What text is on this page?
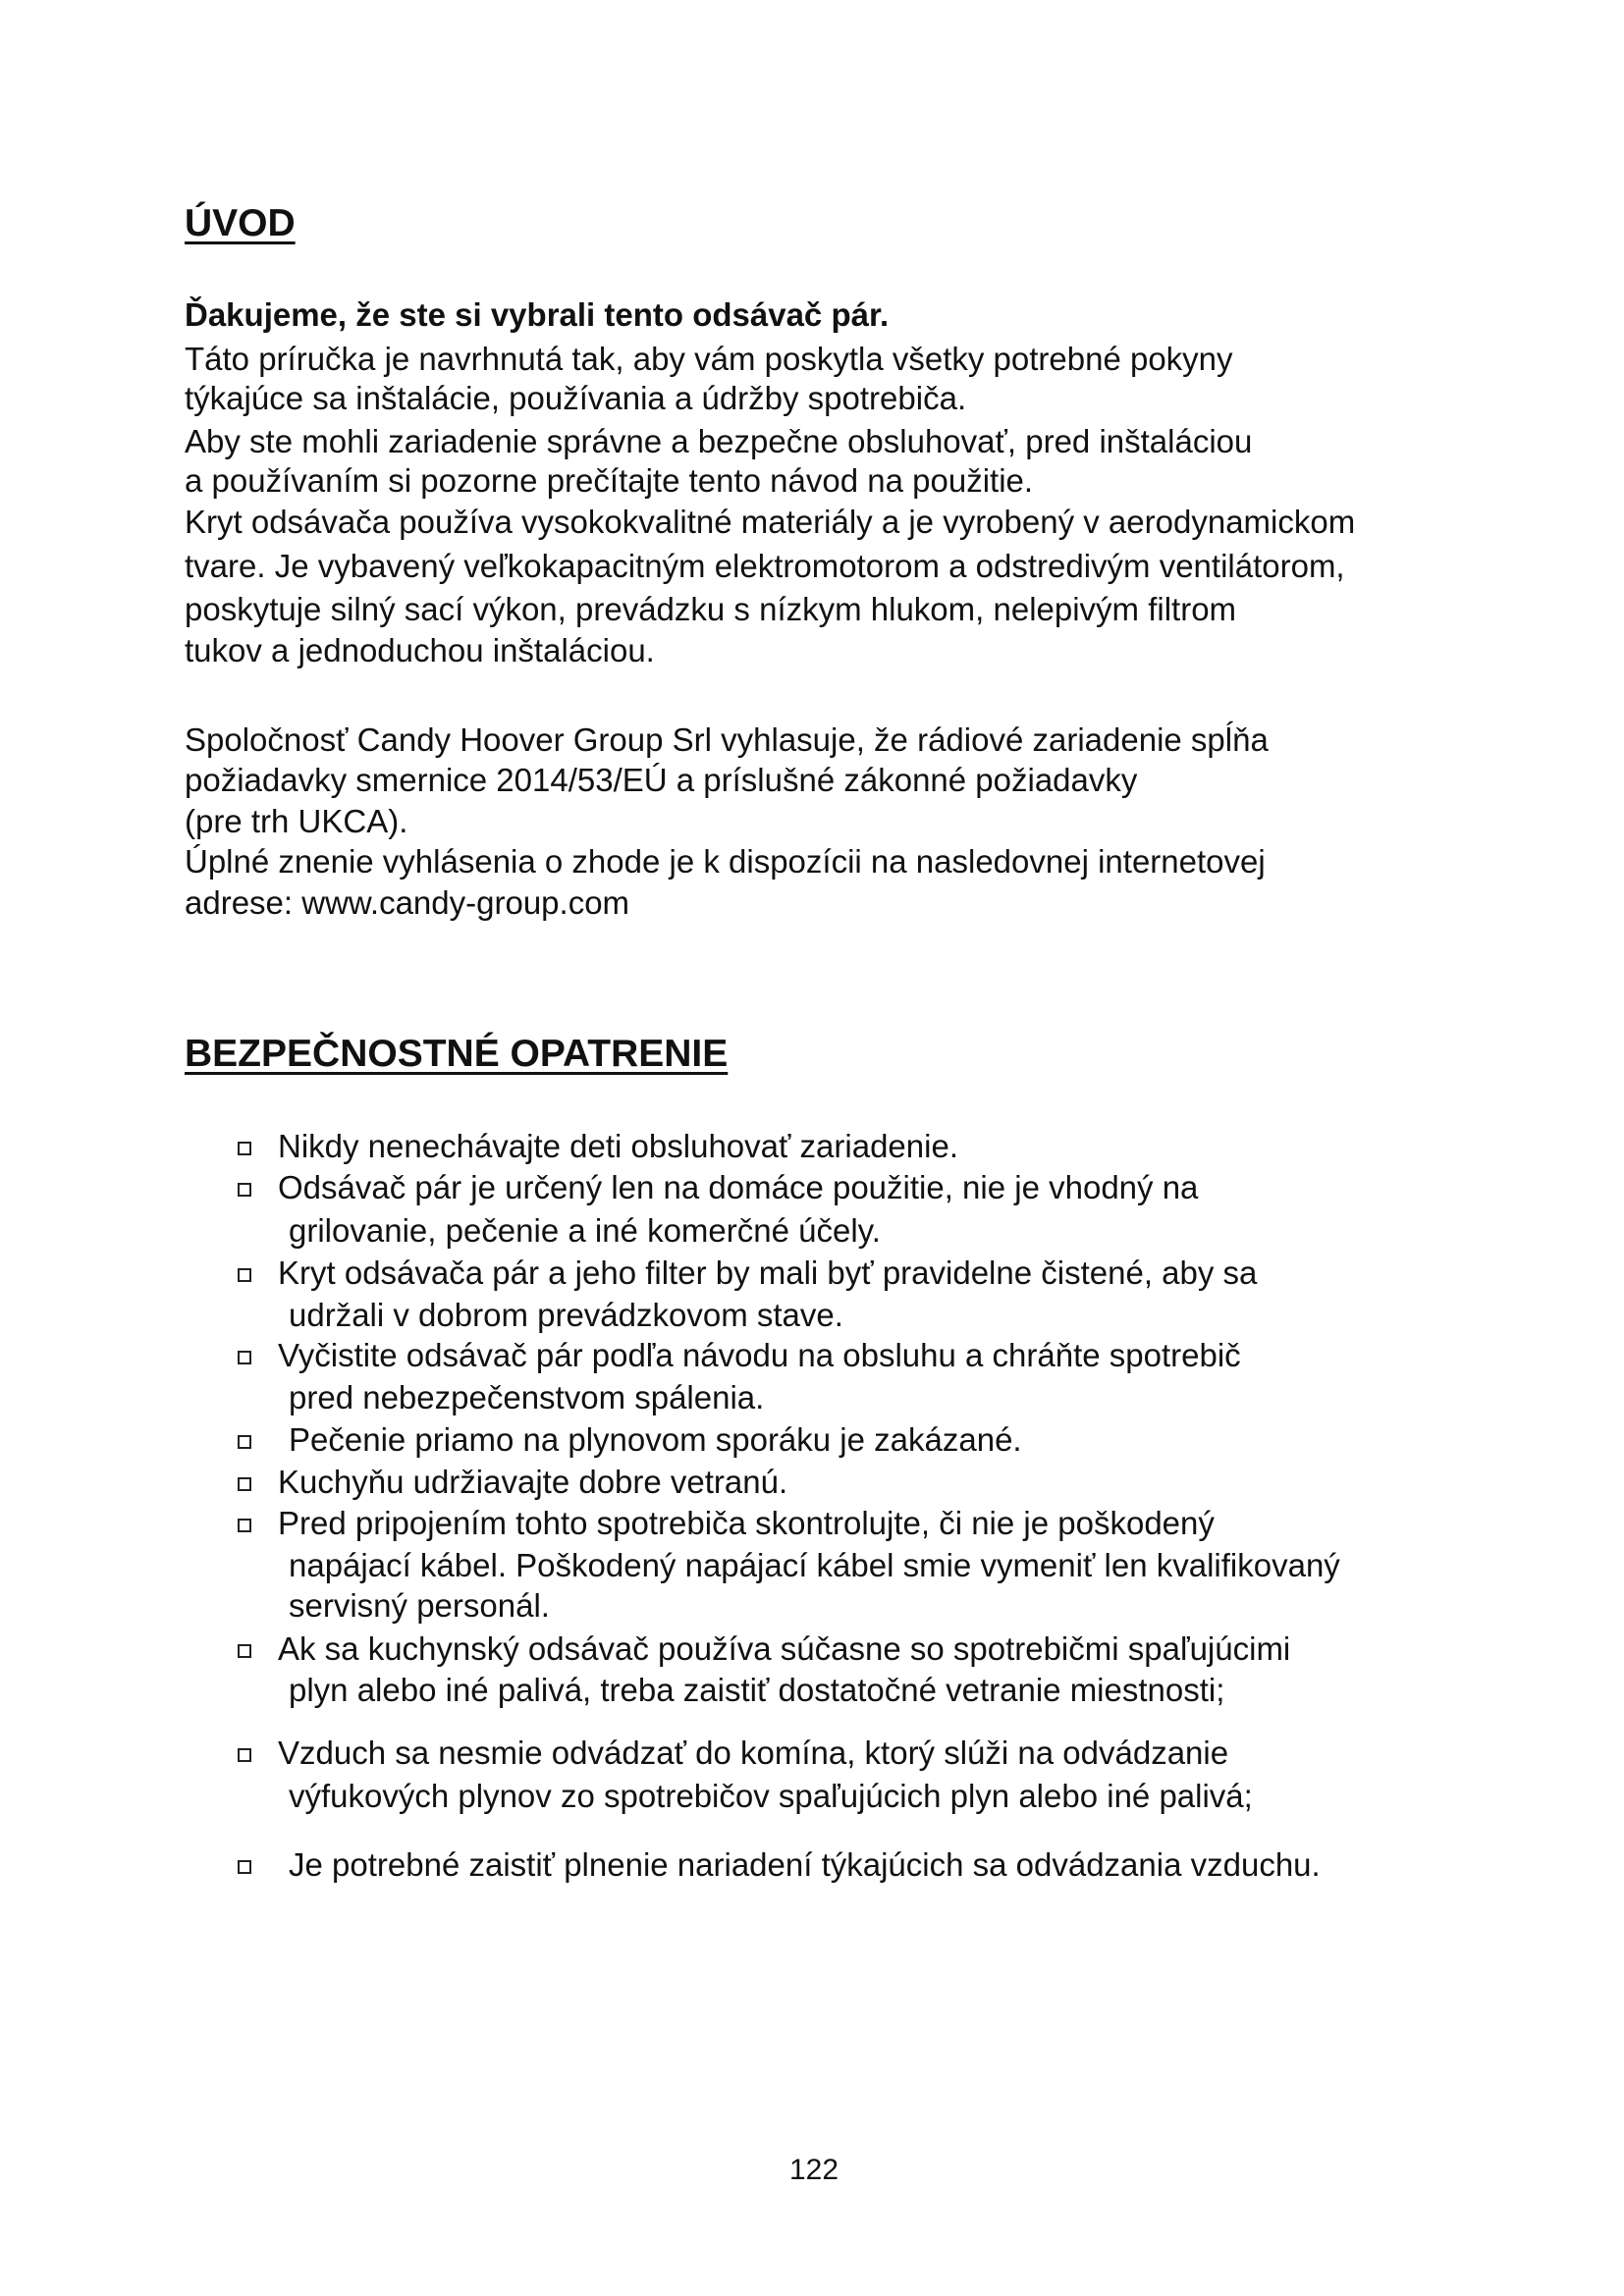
ÚVOD
Ďakujeme, že ste si vybrali tento odsávač pár.
Táto príručka je navrhnutá tak, aby vám poskytla všetky potrebné pokyny
týkajúce sa inštalácie, používania a údržby spotrebiča.
Aby ste mohli zariadenie správne a bezpečne obsluhovať, pred inštaláciou
a používaním si pozorne prečítajte tento návod na použitie.
Kryt odsávača používa vysokokvalitné materiály a je vyrobený v aerodynamickom
tvare. Je vybavený veľkokapacitným elektromotorom a odstredivým ventilátorom,
poskytuje silný sací výkon, prevádzku s nízkym hlukom, nelepivým filtrom
tukov a jednoduchou inštaláciou.
Spoločnosť Candy Hoover Group Srl vyhlasuje, že rádiové zariadenie spĺňa
požiadavky smernice 2014/53/EÚ a príslušné zákonné požiadavky
(pre trh UKCA).
Úplné znenie vyhlásenia o zhode je k dispozícii na nasledovnej internetovej
adrese: www.candy-group.com
BEZPEČNOSTNÉ OPATRENIE
Nikdy nenechávajte deti obsluhovať zariadenie.
Odsávač pár je určený len na domáce použitie, nie je vhodný na
grilovanie, pečenie a iné komerčné účely.
Kryt odsávača pár a jeho filter by mali byť pravidelne čistené, aby sa
udržali v dobrom prevádzkovom stave.
Vyčistite odsávač pár podľa návodu na obsluhu a chráňte spotrebič
pred nebezpečenstvom spálenia.
Pečenie priamo na plynovom sporáku je zakázané.
Kuchyňu udržiavajte dobre vetranú.
Pred pripojením tohto spotrebiča skontrolujte, či nie je poškodený
napájací kábel. Poškodený napájací kábel smie vymeniť len kvalifikovaný
servisný personál.
Ak sa kuchynský odsávač používa súčasne so spotrebičmi spaľujúcimi
plyn alebo iné palivá, treba zaistiť dostatočné vetranie miestnosti;
Vzduch sa nesmie odvádzať do komína, ktorý slúži na odvádzanie
výfukových plynov zo spotrebičov spaľujúcich plyn alebo iné palivá;
Je potrebné zaistiť plnenie nariadení týkajúcich sa odvádzania vzduchu.
122
